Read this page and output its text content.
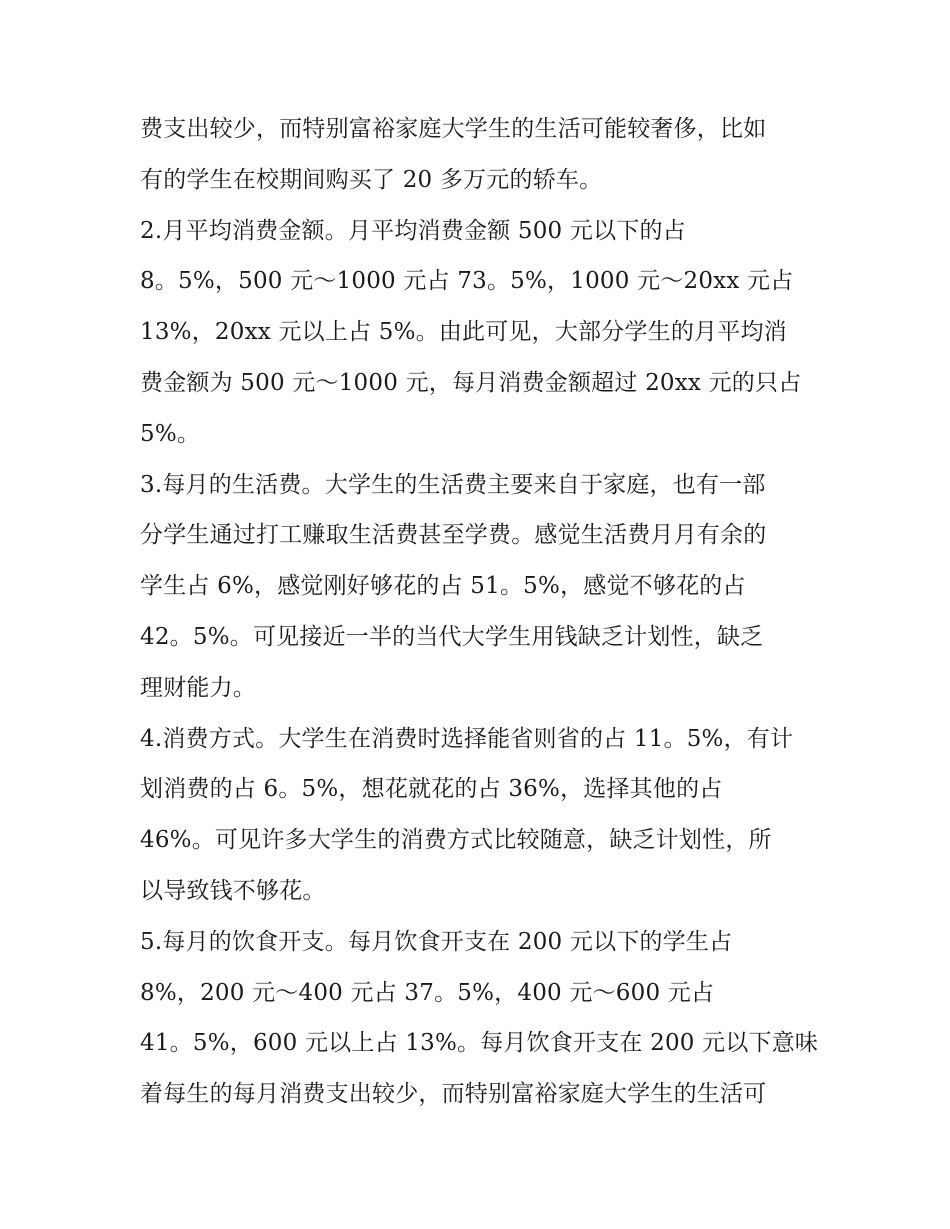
费支出较少，而特别富裕家庭大学生的生活可能较奢侈，比如
有的学生在校期间购买了 20 多万元的轿车。
2.月平均消费金额。月平均消费金额 500 元以下的占
8。5%，500 元～1000 元占 73。5%，1000 元～20xx 元占
13%，20xx 元以上占 5%。由此可见，大部分学生的月平均消
费金额为 500 元～1000 元，每月消费金额超过 20xx 元的只占
5%。
3.每月的生活费。大学生的生活费主要来自于家庭，也有一部
分学生通过打工赚取生活费甚至学费。感觉生活费月月有余的
学生占 6%，感觉刚好够花的占 51。5%，感觉不够花的占
42。5%。可见接近一半的当代大学生用钱缺乏计划性，缺乏
理财能力。
4.消费方式。大学生在消费时选择能省则省的占 11。5%，有计
划消费的占 6。5%，想花就花的占 36%，选择其他的占
46%。可见许多大学生的消费方式比较随意，缺乏计划性，所
以导致钱不够花。
5.每月的饮食开支。每月饮食开支在 200 元以下的学生占
8%，200 元～400 元占 37。5%，400 元～600 元占
41。5%，600 元以上占 13%。每月饮食开支在 200 元以下意味
着每生的每月消费支出较少，而特别富裕家庭大学生的生活可
